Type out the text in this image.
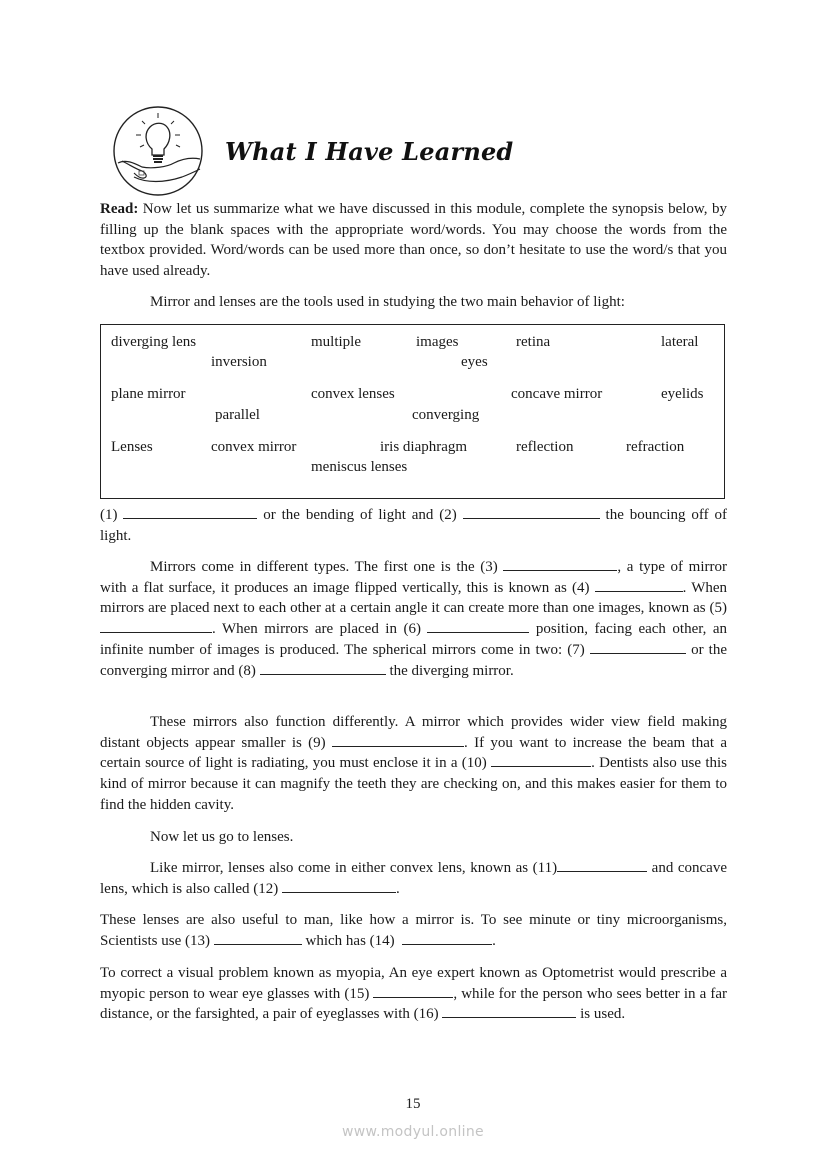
What I Have Learned
Read: Now let us summarize what we have discussed in this module, complete the synopsis below, by filling up the blank spaces with the appropriate word/words. You may choose the words from the textbox provided. Word/words can be used more than once, so don’t hesitate to use the word/s that you have used already.
Mirror and lenses are the tools used in studying the two main behavior of light:
diverging lens	multiple	images	retina	lateral
inversion	eyes
plane mirror	convex lenses	concave mirror	eyelids
parallel	converging
Lenses	convex mirror	iris diaphragm	reflection	refraction
meniscus lenses
(1)	or the bending of light and (2)	the bouncing off of light.
Mirrors come in different types. The first one is the (3)	, a type of mirror with a flat surface, it produces an image flipped vertically, this is known as (4)	. When mirrors are placed next to each other at a certain angle it can create more than one images, known as (5) . When mirrors are placed in (6)	position, facing each other, an infinite number of images is produced. The spherical mirrors come in two: (7)	or the converging mirror and (8)	the diverging mirror.
These mirrors also function differently. A mirror which provides wider view field making distant objects appear smaller is (9)	. If you want to increase the beam that a certain source of light is radiating, you must enclose it in a (10)	. Dentists also use this kind of mirror because it can magnify the teeth they are checking on, and this makes easier for them to find the hidden cavity.
Now let us go to lenses.
Like mirror, lenses also come in either convex lens, known as (11)	and concave lens, which is also called (12)	.
These lenses are also useful to man, like how a mirror is. To see minute or tiny microorganisms, Scientists use (13)	which has (14)	.
To correct a visual problem known as myopia, An eye expert known as Optometrist would prescribe a myopic person to wear eye glasses with (15)	, while for the person who sees better in a far distance, or the farsighted, a pair of eyeglasses with (16)	is used.
15
www.modyul.online
